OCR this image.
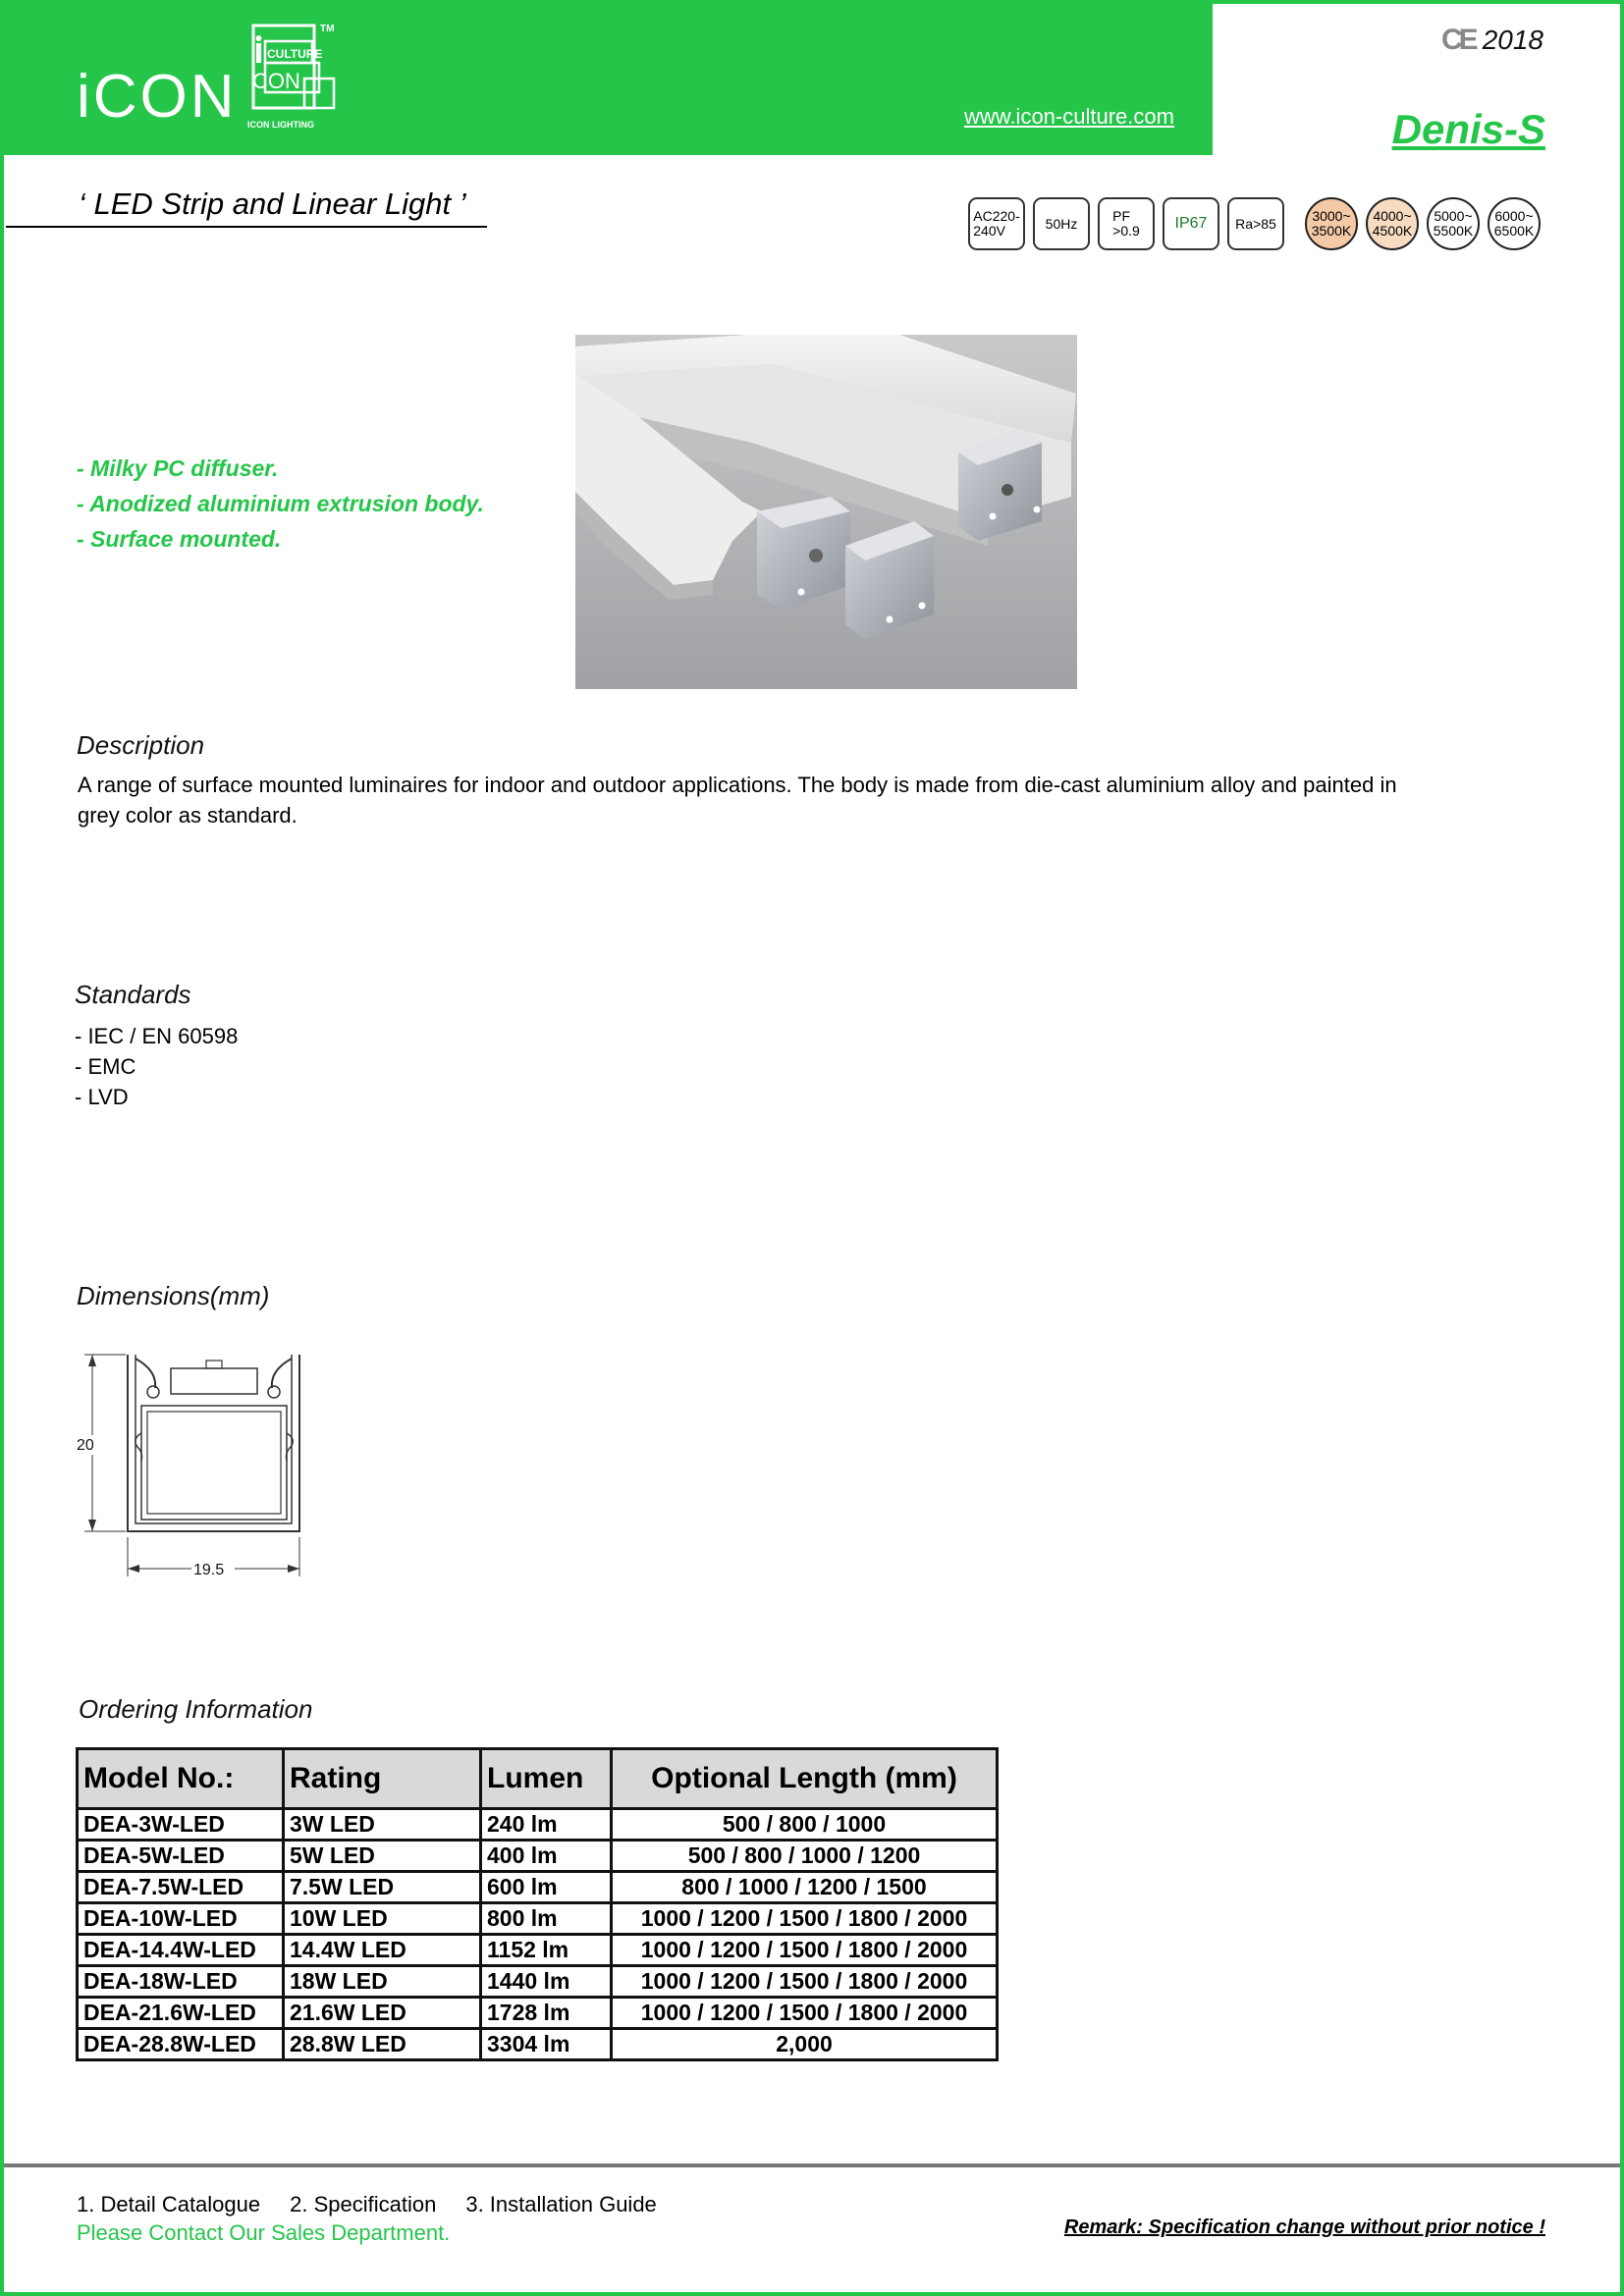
iCON
CULTURE
CON
ICON LIGHTING
TM
www.icon-culture.com
CE 2018
Denis-S
‘ LED Strip and Linear Light ’	AC220-
240V	50Hz	PF
>0.9	IP67	Ra>85	3000~
3500K
4000~
4500K
5000~
5500K
6000~
6500K
- Milky PC diffuser.
- Anodized aluminium extrusion body.
- Surface mounted.
Description
A range of surface mounted luminaires for indoor and outdoor applications. The body is made from die-cast aluminium alloy and painted in grey color as standard.
Standards
- IEC / EN 60598
- EMC
- LVD
Dimensions(mm)
20
19.5
Ordering Information
Model No.:	Rating	Lumen	Optional Length (mm)
DEA-3W-LED	3W LED	240 lm	500 / 800 / 1000
DEA-5W-LED	5W LED	400 lm	500 / 800 / 1000 / 1200
DEA-7.5W-LED	7.5W LED	600 lm	800 / 1000 / 1200 / 1500
DEA-10W-LED	10W LED	800 lm	1000 / 1200 / 1500 / 1800 / 2000
DEA-14.4W-LED	14.4W LED	1152 lm	1000 / 1200 / 1500 / 1800 / 2000
DEA-18W-LED	18W LED	1440 lm	1000 / 1200 / 1500 / 1800 / 2000
DEA-21.6W-LED	21.6W LED	1728 lm	1000 / 1200 / 1500 / 1800 / 2000
DEA-28.8W-LED	28.8W LED	3304 lm	2,000
1. Detail Catalogue 2. Specification 3. Installation Guide
Please Contact Our Sales Department.	Remark: Specification change without prior notice !
